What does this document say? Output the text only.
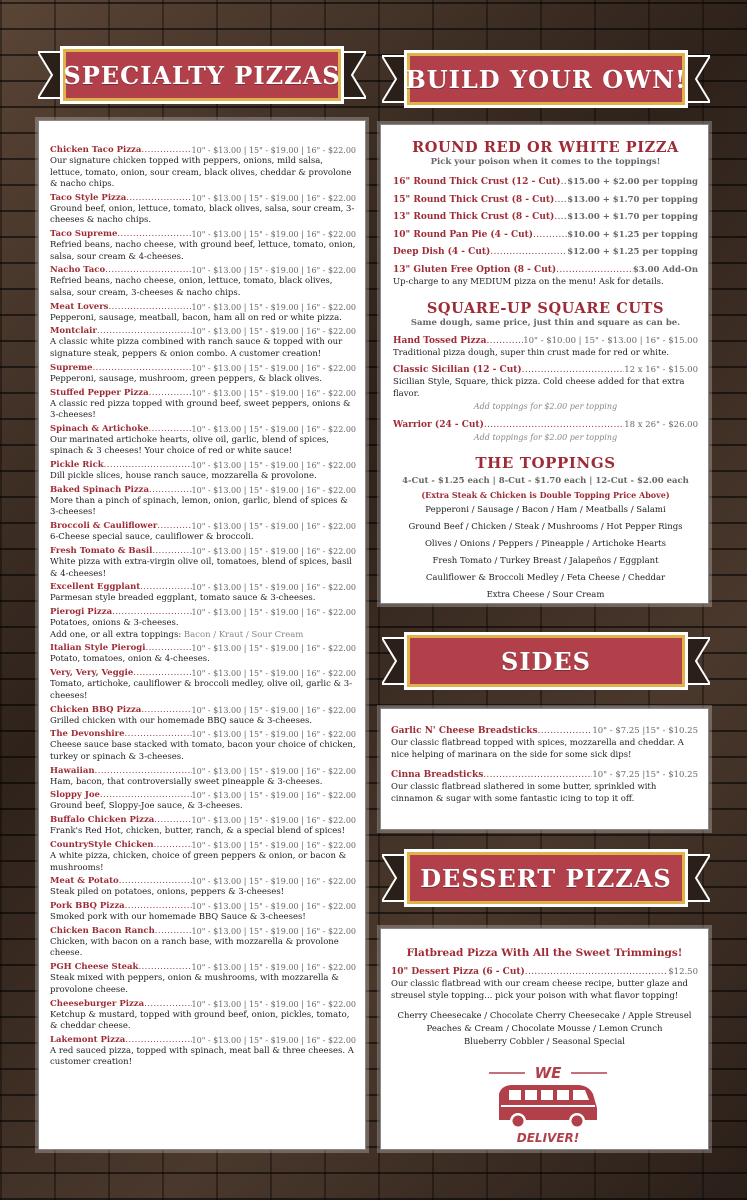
SPECIALTY PIZZAS	BUILD YOUR OWN!
SIDES
DESSERT PIZZAS
Chicken Taco Pizza .....	10" - $13.00 | 15" - $19.00 | 16" - $22.00
Our signature chicken topped with peppers, onions, mild salsa, lettuce, tomato, onion, sour cream, black olives, cheddar & provolone & nacho chips.
Taco Style Pizza .....	10" - $13.00 | 15" - $19.00 | 16" - $22.00
Ground beef, onion, lettuce, tomato, black olives, salsa, sour cream, 3-cheeses & nacho chips.
Taco Supreme .....	10" - $13.00 | 15" - $19.00 | 16" - $22.00
Refried beans, nacho cheese, with ground beef, lettuce, tomato, onion, salsa, sour cream & 4-cheeses.
Nacho Taco .....	10" - $13.00 | 15" - $19.00 | 16" - $22.00
Refried beans, nacho cheese, onion, lettuce, tomato, black olives, salsa, sour cream, 3-cheeses & nacho chips.
Meat Lovers .....	10" - $13.00 | 15" - $19.00 | 16" - $22.00
Pepperoni, sausage, meatball, bacon, ham all on red or white pizza.
Montclair .....	10" - $13.00 | 15" - $19.00 | 16" - $22.00
A classic white pizza combined with ranch sauce & topped with our signature steak, peppers & onion combo. A customer creation!
Supreme .....	10" - $13.00 | 15" - $19.00 | 16" - $22.00
Pepperoni, sausage, mushroom, green peppers, & black olives.
Stuffed Pepper Pizza .....	10" - $13.00 | 15" - $19.00 | 16" - $22.00
A classic red pizza topped with ground beef, sweet peppers, onions & 3-cheeses!
Spinach & Artichoke .....	10" - $13.00 | 15" - $19.00 | 16" - $22.00
Our marinated artichoke hearts, olive oil, garlic, blend of spices, spinach & 3 cheeses! Your choice of red or white sauce!
Pickle Rick .....	10" - $13.00 | 15" - $19.00 | 16" - $22.00
Dill pickle slices, house ranch sauce, mozzarella & provolone.
Baked Spinach Pizza .....	10" - $13.00 | 15" - $19.00 | 16" - $22.00
More than a pinch of spinach, lemon, onion, garlic, blend of spices & 3-cheeses!
Broccoli & Cauliflower .....	10" - $13.00 | 15" - $19.00 | 16" - $22.00
6-Cheese special sauce, cauliflower & broccoli.
Fresh Tomato & Basil .....	10" - $13.00 | 15" - $19.00 | 16" - $22.00
White pizza with extra-virgin olive oil, tomatoes, blend of spices, basil & 4-cheeses!
Excellent Eggplant .....	10" - $13.00 | 15" - $19.00 | 16" - $22.00
Parmesan style breaded eggplant, tomato sauce & 3-cheeses.
Pierogi Pizza .....	10" - $13.00 | 15" - $19.00 | 16" - $22.00
Potatoes, onions & 3-cheeses.
Add one, or all extra toppings: Bacon / Kraut / Sour Cream
Italian Style Pierogi .....	10" - $13.00 | 15" - $19.00 | 16" - $22.00
Potato, tomatoes, onion & 4-cheeses.
Very, Very, Veggie .....	10" - $13.00 | 15" - $19.00 | 16" - $22.00
Tomato, artichoke, cauliflower & broccoli medley, olive oil, garlic & 3-cheeses!
Chicken BBQ Pizza .....	10" - $13.00 | 15" - $19.00 | 16" - $22.00
Grilled chicken with our homemade BBQ sauce & 3-cheeses.
The Devonshire .....	10" - $13.00 | 15" - $19.00 | 16" - $22.00
Cheese sauce base stacked with tomato, bacon your choice of chicken, turkey or spinach & 3-cheeses.
Hawaiian .....	10" - $13.00 | 15" - $19.00 | 16" - $22.00
Ham, bacon, that controversially sweet pineapple & 3-cheeses.
Sloppy Joe .....	10" - $13.00 | 15" - $19.00 | 16" - $22.00
Ground beef, Sloppy-Joe sauce, & 3-cheeses.
Buffalo Chicken Pizza .....	10" - $13.00 | 15" - $19.00 | 16" - $22.00
Frank's Red Hot, chicken, butter, ranch, & a special blend of spices!
CountryStyle Chicken .....	10" - $13.00 | 15" - $19.00 | 16" - $22.00
A white pizza, chicken, choice of green peppers & onion, or bacon & mushrooms!
Meat & Potato .....	10" - $13.00 | 15" - $19.00 | 16" - $22.00
Steak piled on potatoes, onions, peppers & 3-cheeses!
Pork BBQ Pizza .....	10" - $13.00 | 15" - $19.00 | 16" - $22.00
Smoked pork with our homemade BBQ Sauce & 3-cheeses!
Chicken Bacon Ranch .....	10" - $13.00 | 15" - $19.00 | 16" - $22.00
Chicken, with bacon on a ranch base, with mozzarella & provolone cheese.
PGH Cheese Steak .....	10" - $13.00 | 15" - $19.00 | 16" - $22.00
Steak mixed with peppers, onion & mushrooms, with mozzarella & provolone cheese.
Cheeseburger Pizza .....	10" - $13.00 | 15" - $19.00 | 16" - $22.00
Ketchup & mustard, topped with ground beef, onion, pickles, tomato, & cheddar cheese.
Lakemont Pizza .....	10" - $13.00 | 15" - $19.00 | 16" - $22.00
A red sauced pizza, topped with spinach, meat ball & three cheeses. A customer creation!
ROUND RED OR WHITE PIZZA
Pick your poison when it comes to the toppings!
16" Round Thick Crust (12 - Cut) ..... $15.00 + $2.00 per topping
15" Round Thick Crust (8 - Cut) ..... $13.00 + $1.70 per topping
13" Round Thick Crust (8 - Cut) ..... $13.00 + $1.70 per topping
10" Round Pan Pie (4 - Cut) .....	$10.00 + $1.25 per topping
Deep Dish (4 - Cut) .....	$12.00 + $1.25 per topping
13" Gluten Free Option (8 - Cut) .....	$3.00 Add-On
Up-charge to any MEDIUM pizza on the menu! Ask for details.
SQUARE-UP SQUARE CUTS
Same dough, same price, just thin and square as can be.
Hand Tossed Pizza .....	10" - $10.00 | 15" - $13.00 | 16" - $15.00
Traditional pizza dough, super thin crust made for red or white.
Classic Sicilian (12 - Cut) .....	12 x 16" - $15.00
Sicilian Style, Square, thick pizza. Cold cheese added for that extra flavor.
Add toppings for $2.00 per topping
Warrior (24 - Cut) .....	18 x 26" - $26.00
Add toppings for $2.00 per topping
THE TOPPINGS
4-Cut - $1.25 each | 8-Cut - $1.70 each | 12-Cut - $2.00 each
(Extra Steak & Chicken is Double Topping Price Above)
Pepperoni / Sausage / Bacon / Ham / Meatballs / Salami
Ground Beef / Chicken / Steak / Mushrooms / Hot Pepper Rings
Olives / Onions / Peppers / Pineapple / Artichoke Hearts
Fresh Tomato / Turkey Breast / Jalapeños / Eggplant
Cauliflower & Broccoli Medley / Feta Cheese / Cheddar
Extra Cheese / Sour Cream
Garlic N' Cheese Breadsticks .....	10" - $7.25 |15" - $10.25
Our classic flatbread topped with spices, mozzarella and cheddar. A nice helping of marinara on the side for some sick dips!
Cinna Breadsticks .....	10" - $7.25 |15" - $10.25
Our classic flatbread slathered in some butter, sprinkled with cinnamon & sugar with some fantastic icing to top it off.
Flatbread Pizza With All the Sweet Trimmings!
10" Dessert Pizza (6 - Cut) .....	$12.50
Our classic flatbread with our cream cheese recipe, butter glaze and streusel style topping... pick your poison with what flavor topping!
Cherry Cheesecake / Chocolate Cherry Cheesecake / Apple Streusel
Peaches & Cream / Chocolate Mousse / Lemon Crunch
Blueberry Cobbler / Seasonal Special
WE
DELIVER!
